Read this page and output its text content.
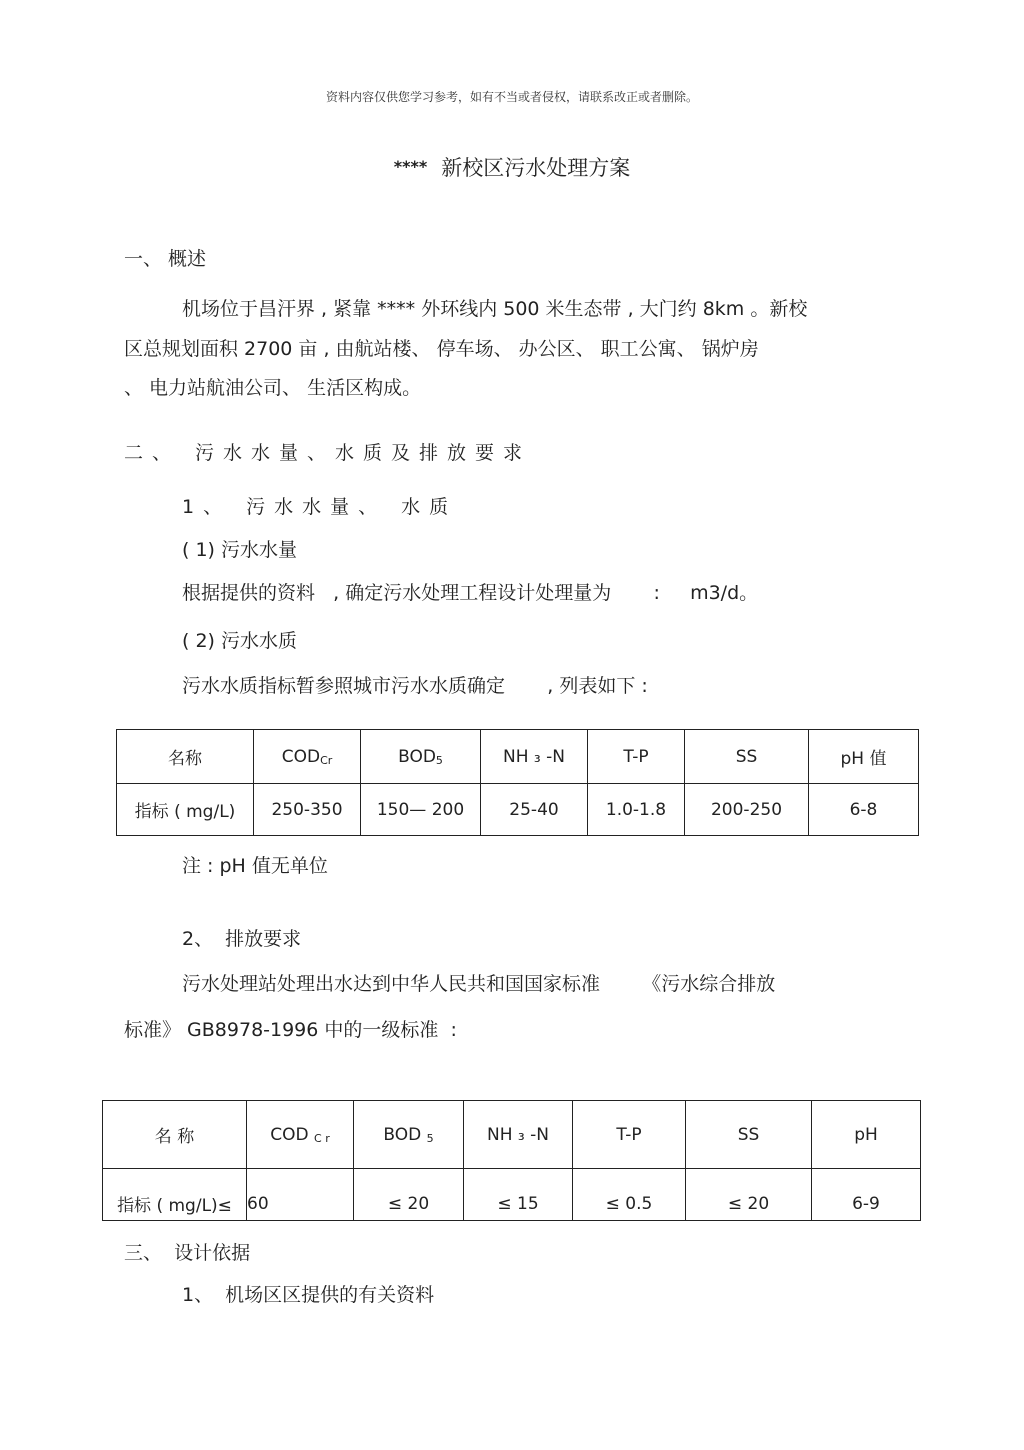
资料内容仅供您学习参考，如有不当或者侵权，请联系改正或者删除。
**** 新校区污水处理方案
一、 概述
机场位于昌汗界 , 紧靠 **** 外环线内 500 米生态带 , 大门约 8km 。新校
区总规划面积 2700 亩 , 由航站楼、 停车场、 办公区、 职工公寓、 锅炉房
、 电力站航油公司、 生活区构成。
二、 污水水量、水质及排放要求
1、 污水水量、 水质
( 1) 污水水量
根据提供的资料   , 确定污水处理工程设计处理量为       :     m3/d。
( 2) 污水水质
污水水质指标暂参照城市污水水质确定       , 列表如下 :
名称	$COD_{Cr}$	$BOD_5$	NH ₃ -N	T-P	SS	pH 值
指标 ( mg/L)	250-350	150— 200	25-40	1.0-1.8	200-250	6-8
注 : pH 值无单位
2、  排放要求
污水处理站处理出水达到中华人民共和国国家标准       《污水综合排放
标准》 GB8978-1996 中的一级标准  :
名 称	COD $_{C r}$	BOD $_5$	NH ₃ -N	T-P	SS	pH
指标 ( mg/L)≤	60	≤ 20	≤ 15	≤ 0.5	≤ 20	6-9
三、  设计依据
1、  机场区区提供的有关资料
